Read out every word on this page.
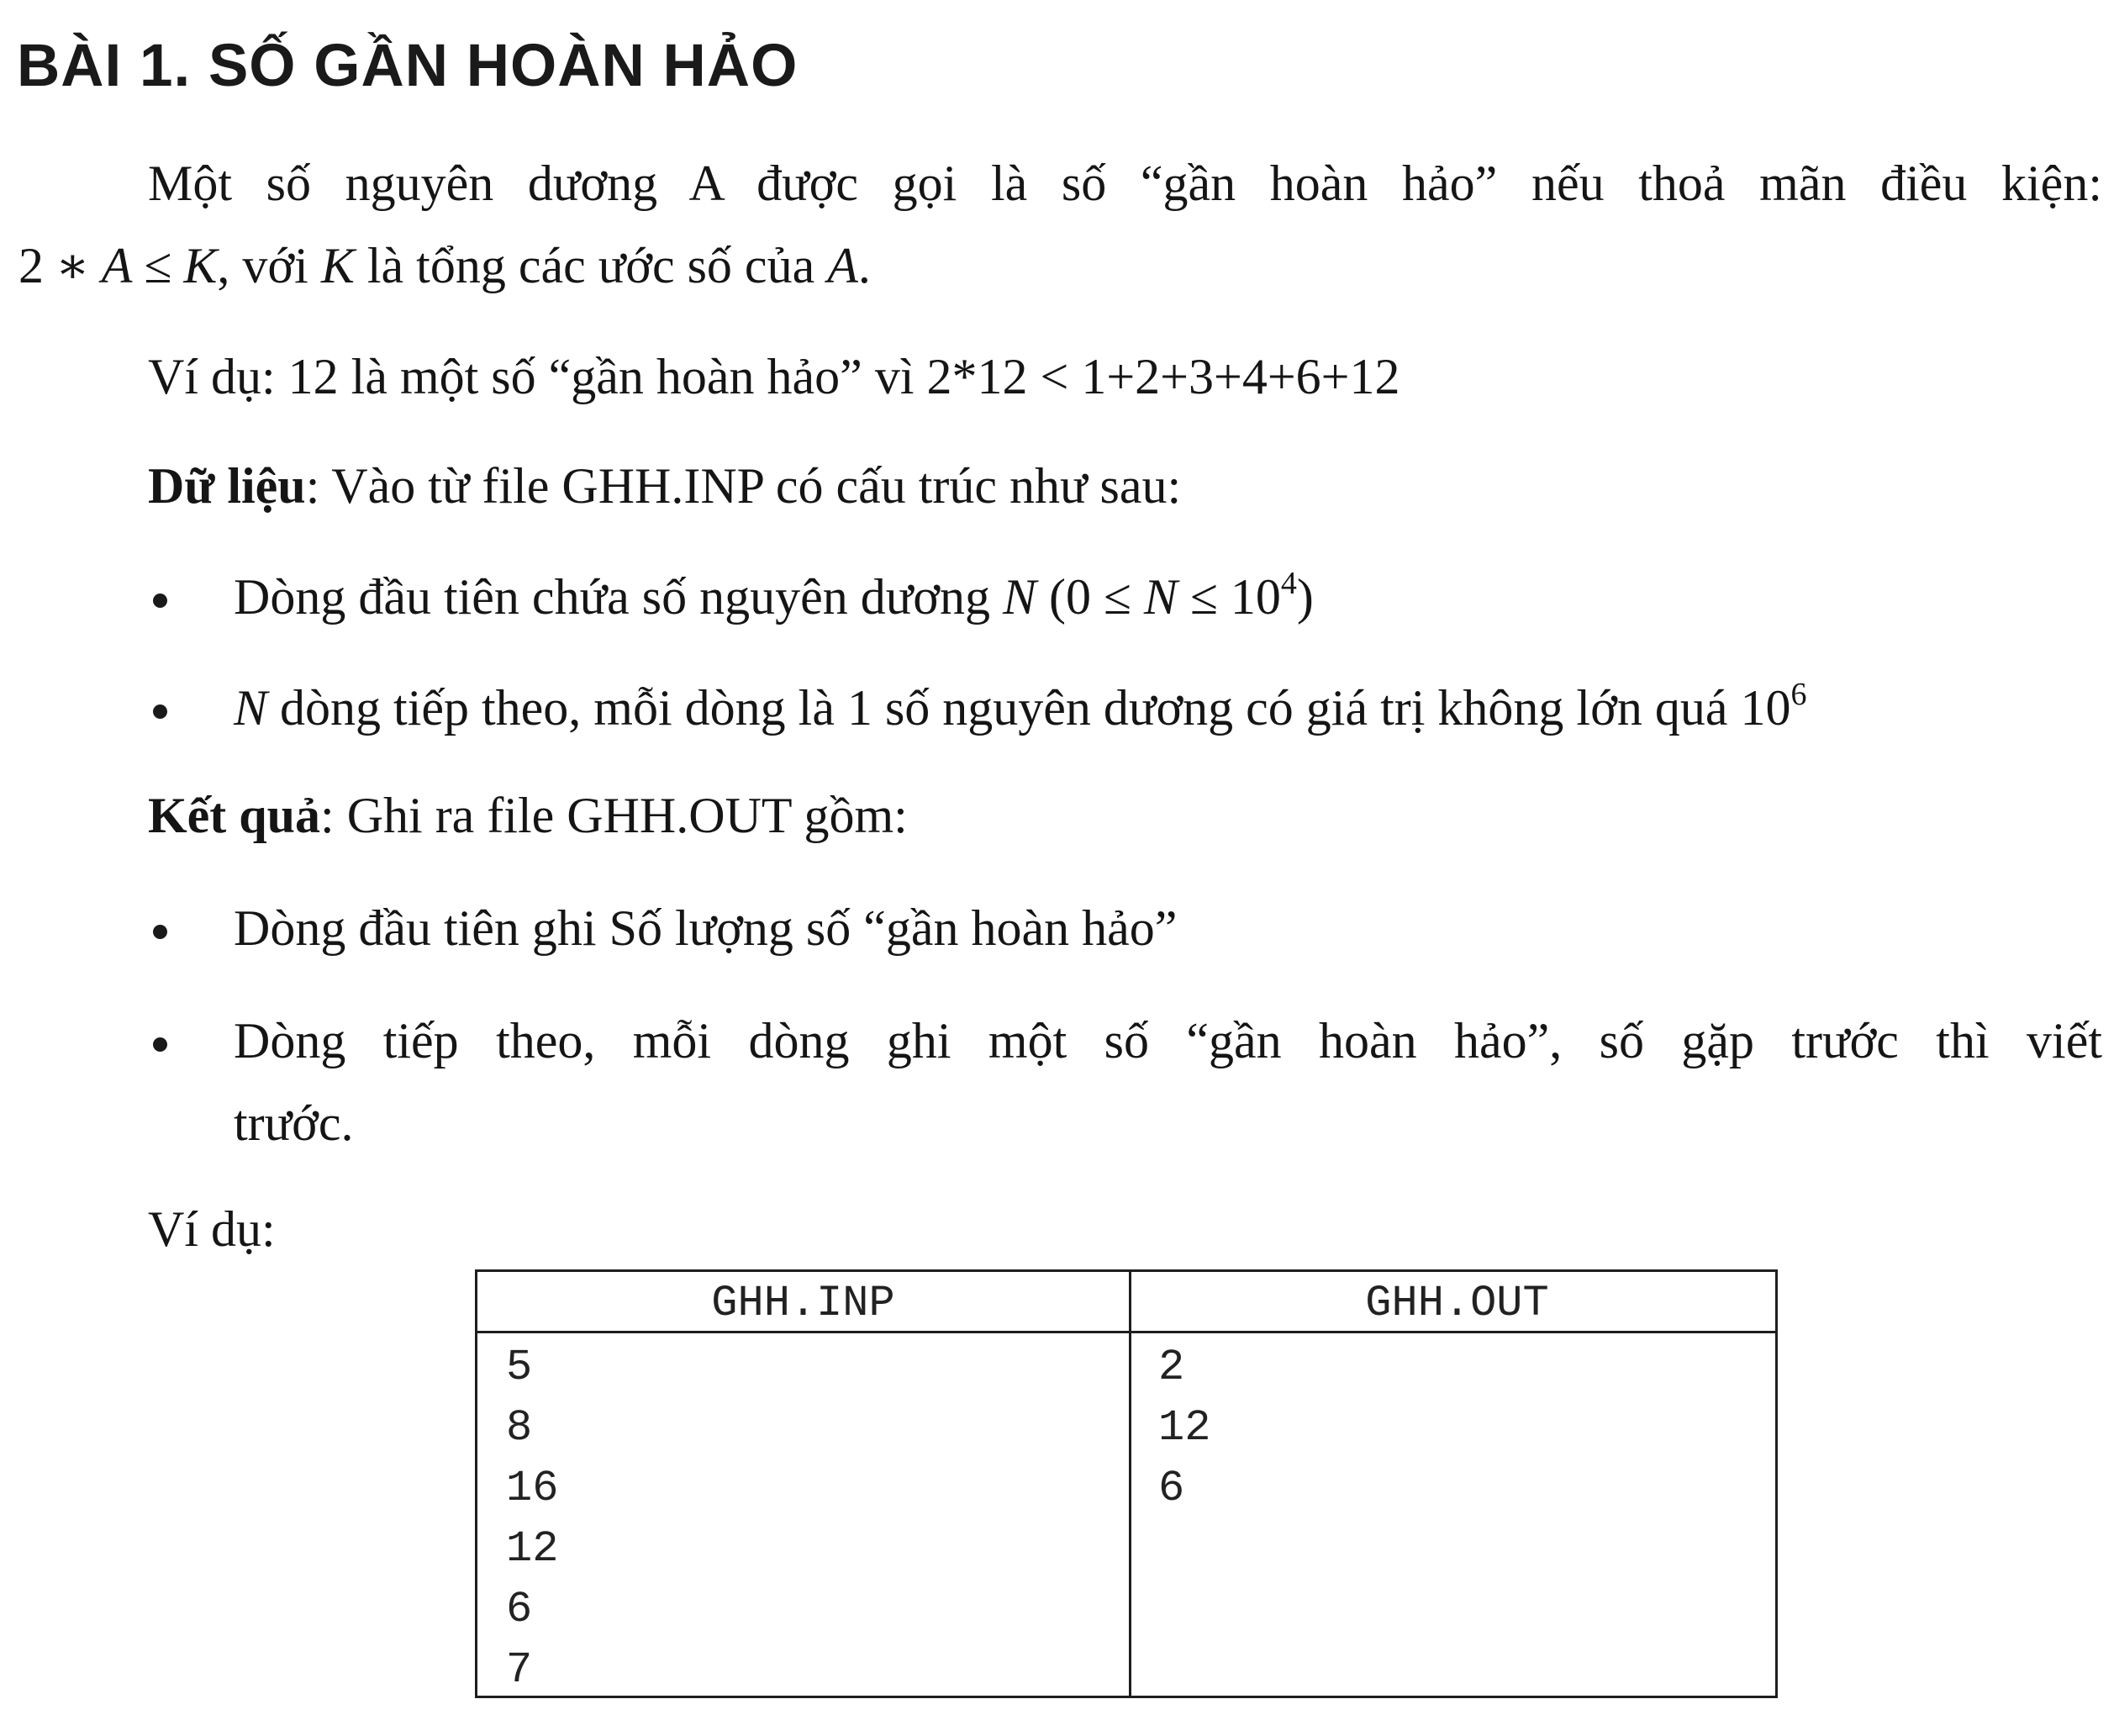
BÀI 1. SỐ GẦN HOÀN HẢO
Một số nguyên dương A được gọi là số “gần hoàn hảo” nếu thoả mãn điều kiện:
2 ∗ A ≤ K, với K là tổng các ước số của A.
Ví dụ: 12 là một số “gần hoàn hảo” vì 2*12 < 1+2+3+4+6+12
Dữ liệu: Vào từ file GHH.INP có cấu trúc như sau:
Dòng đầu tiên chứa số nguyên dương N $(0 \le N \le 10^4)$
N dòng tiếp theo, mỗi dòng là 1 số nguyên dương có giá trị không lớn quá $10^6$
Kết quả: Ghi ra file GHH.OUT gồm:
Dòng đầu tiên ghi Số lượng số “gần hoàn hảo”
Dòng tiếp theo, mỗi dòng ghi một số “gần hoàn hảo”, số gặp trước thì viết
trước.
Ví dụ:
GHH.INP	GHH.OUT
5
8
16
12
6
7
2
12
6
